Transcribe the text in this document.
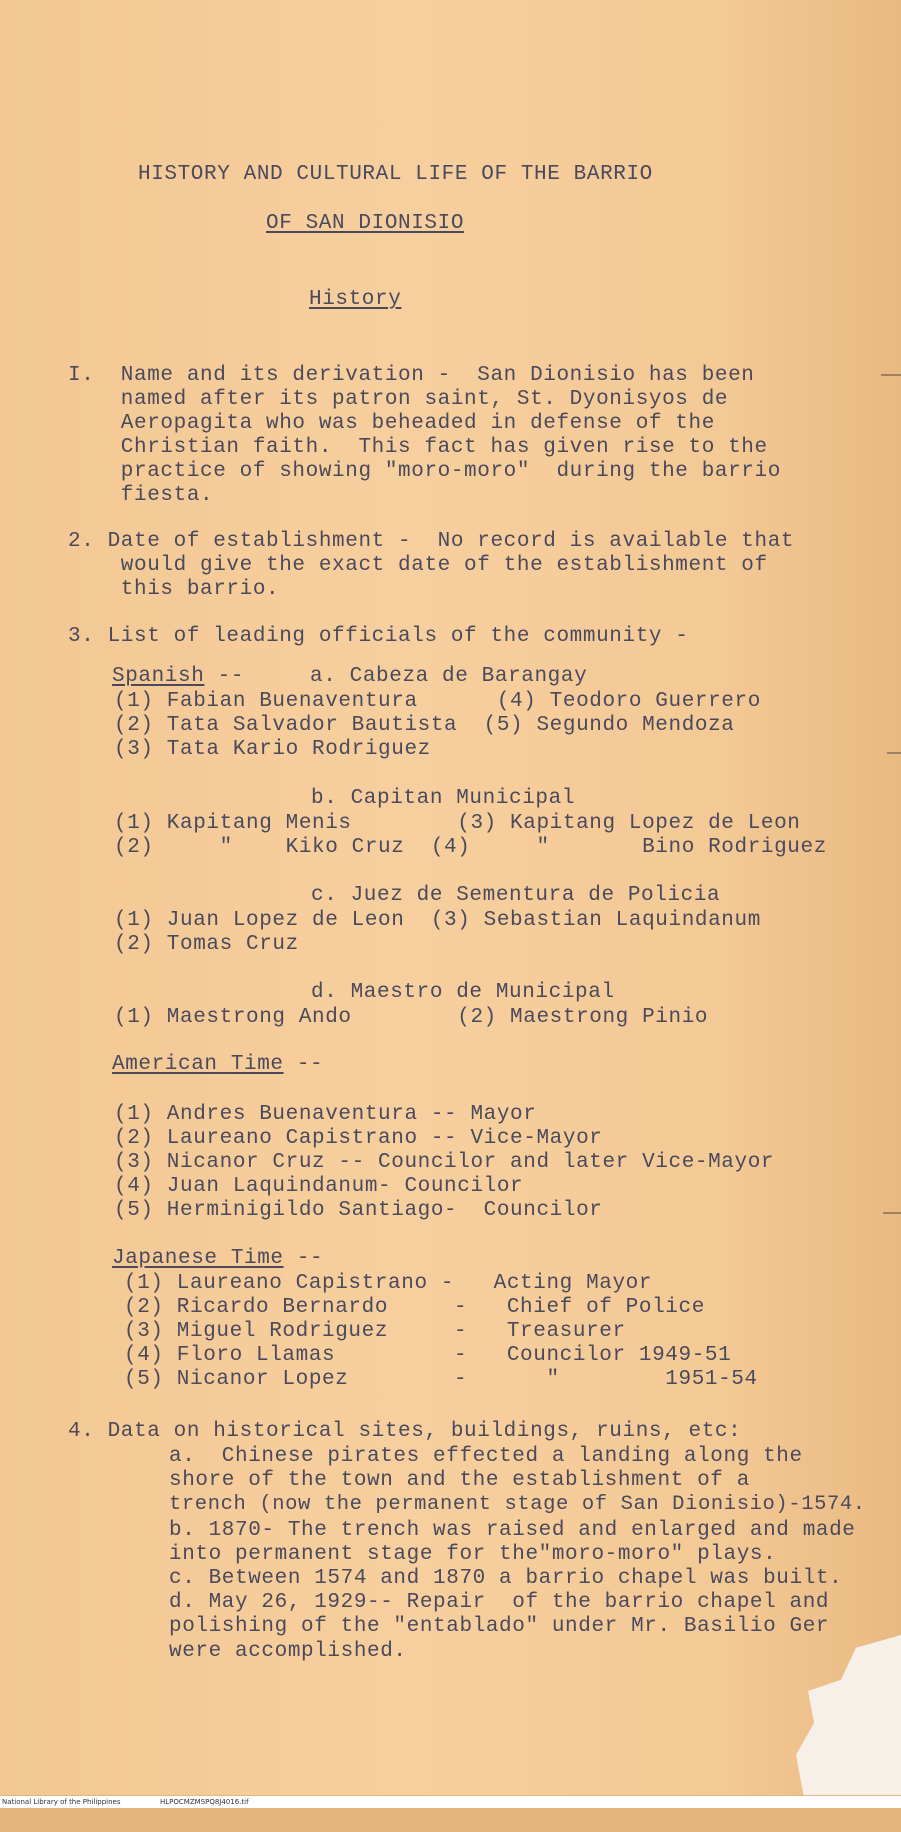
HISTORY AND CULTURAL LIFE OF THE BARRIO
OF SAN DIONISIO
History
I.  Name and its derivation -  San Dionisio has been
named after its patron saint, St. Dyonisyos de
Aeropagita who was beheaded in defense of the
Christian faith.  This fact has given rise to the
practice of showing "moro-moro"  during the barrio
fiesta.
2. Date of establishment -  No record is available that
would give the exact date of the establishment of
this barrio.
3. List of leading officials of the community -
Spanish --     a. Cabeza de Barangay
(1) Fabian Buenaventura      (4) Teodoro Guerrero
(2) Tata Salvador Bautista  (5) Segundo Mendoza
(3) Tata Kario Rodriguez
b. Capitan Municipal
(1) Kapitang Menis        (3) Kapitang Lopez de Leon
(2)     "    Kiko Cruz  (4)     "       Bino Rodriguez
c. Juez de Sementura de Policia
(1) Juan Lopez de Leon  (3) Sebastian Laquindanum
(2) Tomas Cruz
d. Maestro de Municipal
(1) Maestrong Ando        (2) Maestrong Pinio
American Time --
(1) Andres Buenaventura -- Mayor
(2) Laureano Capistrano -- Vice-Mayor
(3) Nicanor Cruz -- Councilor and later Vice-Mayor
(4) Juan Laquindanum- Councilor
(5) Herminigildo Santiago-  Councilor
Japanese Time --
(1) Laureano Capistrano -   Acting Mayor
(2) Ricardo Bernardo     -   Chief of Police
(3) Miguel Rodriguez     -   Treasurer
(4) Floro Llamas         -   Councilor 1949-51
(5) Nicanor Lopez        -      "        1951-54
4. Data on historical sites, buildings, ruins, etc:
a.  Chinese pirates effected a landing along the
shore of the town and the establishment of a
trench (now the permanent stage of San Dionisio)-1574.
b. 1870- The trench was raised and enlarged and made
into permanent stage for the"moro-moro" plays.
c. Between 1574 and 1870 a barrio chapel was built.
d. May 26, 1929-- Repair  of the barrio chapel and
polishing of the "entablado" under Mr. Basilio Ger
were accomplished.

National Library of the Philippines

	HLPOCMZMSPQ8J4016.tif
